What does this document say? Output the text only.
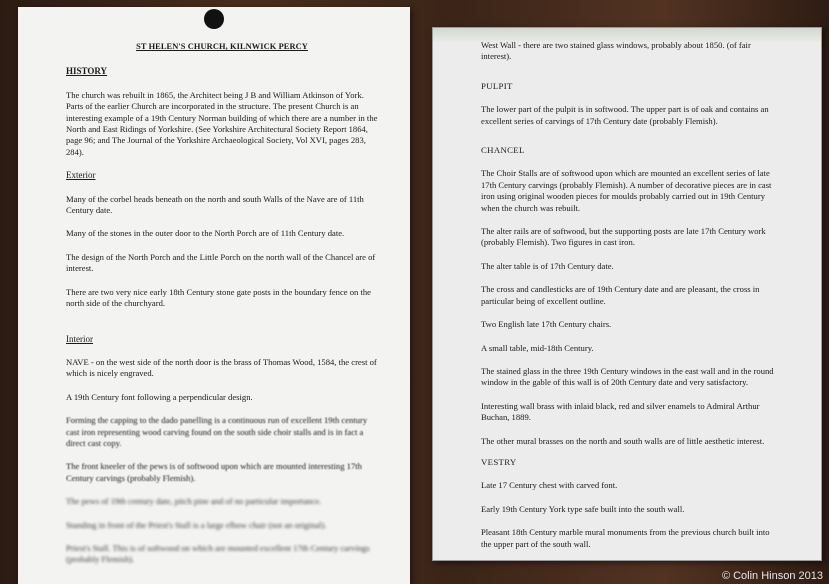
ST HELEN'S CHURCH, KILNWICK PERCY
HISTORY

The church was rebuilt in 1865, the Architect being J B and William Atkinson of York. Parts of the earlier Church are incorporated in the structure. The present Church is an interesting example of a 19th Century Norman building of which there are a number in the North and East Ridings of Yorkshire. (See Yorkshire Architectural Society Report 1864, page 96; and The Journal of the Yorkshire Archaeological Society, Vol XVI, pages 283, 284).

Exterior

Many of the corbel heads beneath on the north and south Walls of the Nave are of 11th Century date.

Many of the stones in the outer door to the North Porch are of 11th Century date.

The design of the North Porch and the Little Porch on the north wall of the Chancel are of interest.

There are two very nice early 18th Century stone gate posts in the boundary fence on the north side of the churchyard.

Interior

NAVE - on the west side of the north door is the brass of Thomas Wood, 1584, the crest of which is nicely engraved.

A 19th Century font following a perpendicular design.

Forming the capping to the dado panelling is a continuous run of excellent 19th century cast iron representing wood carving found on the south side choir stalls and is in fact a direct cast copy.

The front kneeler of the pews is of softwood upon which are mounted interesting 17th Century carvings (probably Flemish).

The pews of 19th century date, pitch pine and of no particular importance.

Standing in front of the Priest's Stall is a large elbow chair (not an original).

Priest's Stall. This is of softwood on which are mounted excellent 17th Century carvings (probably Flemish).

West Wall - there are two stained glass windows, probably about 1850. (of fair interest).

PULPIT

The lower part of the pulpit is in softwood. The upper part is of oak and contains an excellent series of carvings of 17th Century date (probably Flemish).

CHANCEL

The Choir Stalls are of softwood upon which are mounted an excellent series of late 17th Century carvings (probably Flemish). A number of decorative pieces are in cast iron using original wooden pieces for moulds probably carried out in 19th Century when the church was rebuilt.

The alter rails are of softwood, but the supporting posts are late 17th Century work (probably Flemish). Two figures in cast iron.

The alter table is of 17th Century date.

The cross and candlesticks are of 19th Century date and are pleasant, the cross in particular being of excellent outline.

Two English late 17th Century chairs.

A small table, mid-18th Century.

The stained glass in the three 19th Century windows in the east wall and in the round window in the gable of this wall is of 20th Century date and very satisfactory.

Interesting wall brass with inlaid black, red and silver enamels to Admiral Arthur Buchan, 1889.

The other mural brasses on the north and south walls are of little aesthetic interest.

VESTRY

Late 17 Century chest with carved font.

Early 19th Century York type safe built into the south wall.

Pleasant 18th Century marble mural monuments from the previous church built into the upper part of the south wall.

© Colin Hinson 2013
